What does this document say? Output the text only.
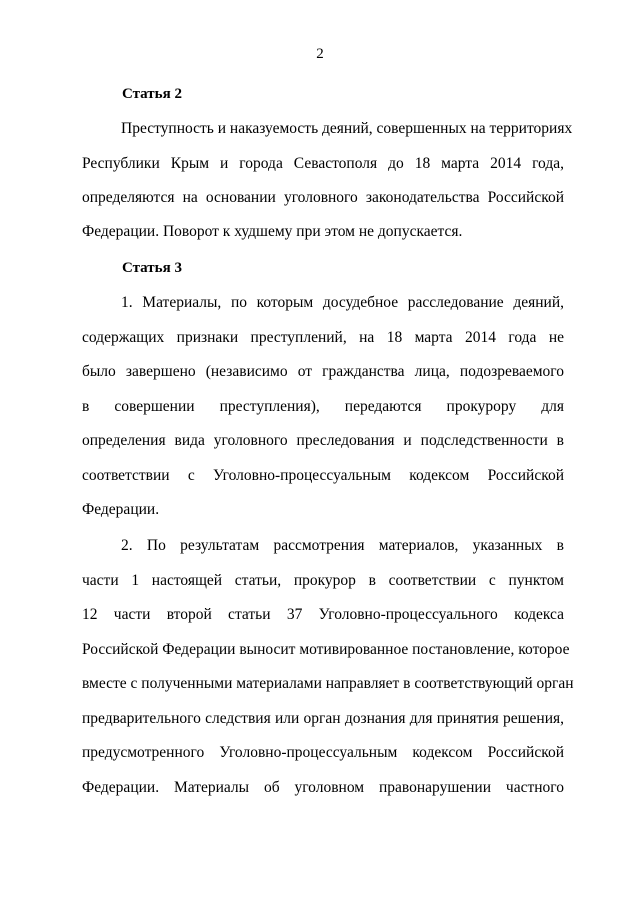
2
Статья 2
Преступность и наказуемость деяний, совершенных на территориях
Республики Крым и города Севастополя до 18 марта 2014 года,
определяются на основании уголовного законодательства Российской
Федерации. Поворот к худшему при этом не допускается.
Статья 3
1. Материалы, по которым досудебное расследование деяний,
содержащих признаки преступлений, на 18 марта 2014 года не
было завершено (независимо от гражданства лица, подозреваемого
в совершении преступления), передаются прокурору для
определения вида уголовного преследования и подследственности в
соответствии с Уголовно-процессуальным кодексом Российской
Федерации.
2. По результатам рассмотрения материалов, указанных в
части 1 настоящей статьи, прокурор в соответствии с пунктом
12 части второй статьи 37 Уголовно-процессуального кодекса
Российской Федерации выносит мотивированное постановление, которое
вместе с полученными материалами направляет в соответствующий орган
предварительного следствия или орган дознания для принятия решения,
предусмотренного Уголовно-процессуальным кодексом Российской
Федерации. Материалы об уголовном правонарушении частного
